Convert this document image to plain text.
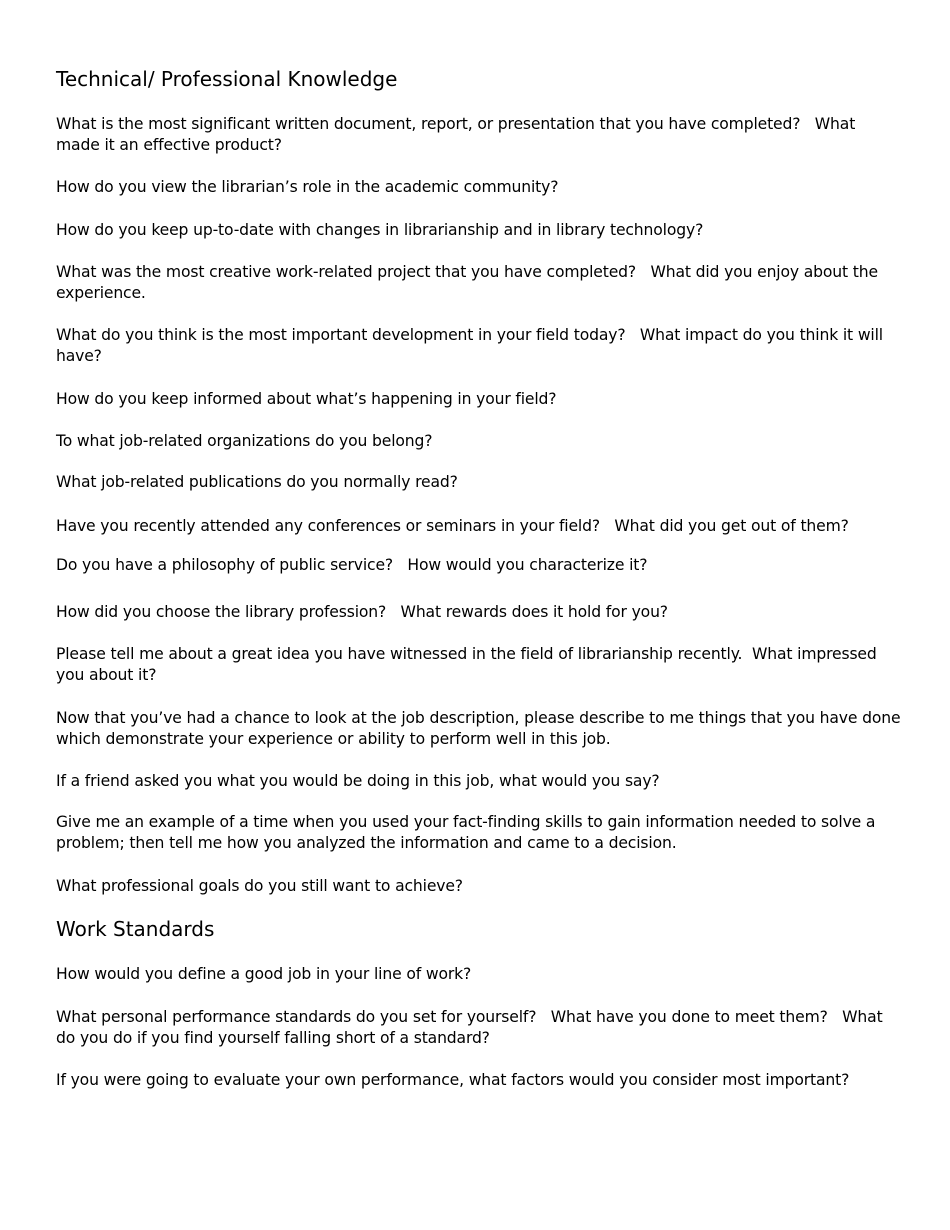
Technical/ Professional Knowledge

What is the most significant written document, report, or presentation that you have completed?   What made it an effective product?

How do you view the librarian’s role in the academic community?

How do you keep up-to-date with changes in librarianship and in library technology?

What was the most creative work-related project that you have completed?   What did you enjoy about the experience.

What do you think is the most important development in your field today?   What impact do you think it will have?

How do you keep informed about what’s happening in your field?

To what job-related organizations do you belong?

What job-related publications do you normally read?

Have you recently attended any conferences or seminars in your field?   What did you get out of them?

Do you have a philosophy of public service?   How would you characterize it?

How did you choose the library profession?   What rewards does it hold for you?

Please tell me about a great idea you have witnessed in the field of librarianship recently.  What impressed you about it?

Now that you’ve had a chance to look at the job description, please describe to me things that you have done which demonstrate your experience or ability to perform well in this job.

If a friend asked you what you would be doing in this job, what would you say?

Give me an example of a time when you used your fact-finding skills to gain information needed to solve a problem; then tell me how you analyzed the information and came to a decision.

What professional goals do you still want to achieve?

Work Standards

How would you define a good job in your line of work?

What personal performance standards do you set for yourself?   What have you done to meet them?   What do you do if you find yourself falling short of a standard?

If you were going to evaluate your own performance, what factors would you consider most important?
